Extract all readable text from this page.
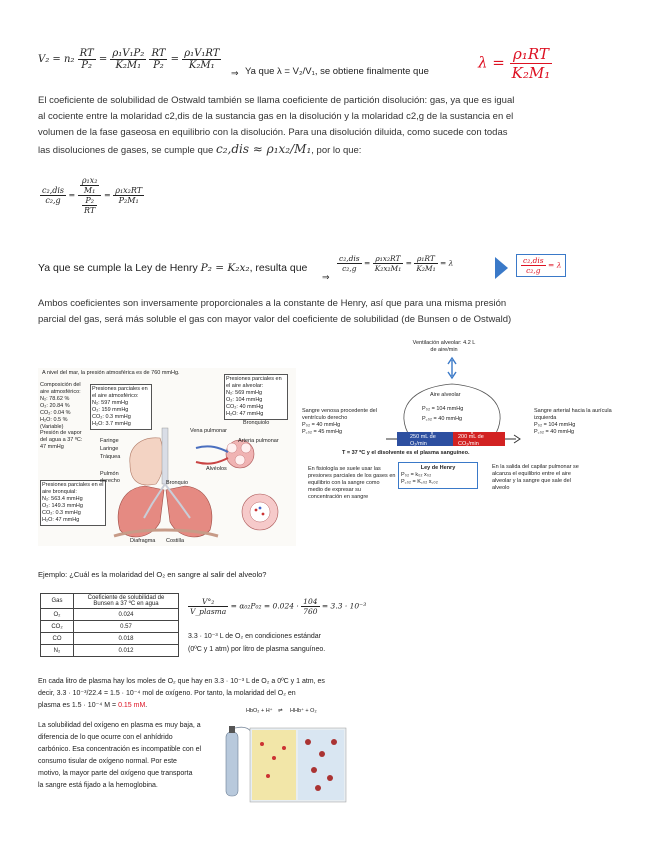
$V_2 = n_2 \frac{RT}{\text{P₂}} = \frac{\text{ρ₁V₁P₂}}{\text{K₂M₁}}$
$\frac{RT}{\text{P₂}} = \frac{\text{ρ₁V₁RT}}{\text{K₂M₁}}$
⇒ Ya que λ = V₂/V₁, se obtiene finalmente que	$\lambda = \frac{\text{ρ₁RT}}{\text{K₂M₁}}$
El coeficiente de solubilidad de Ostwald también se llama coeficiente de partición disolución: gas, ya que es igual
al cociente entre la molaridad c2,dis de la sustancia gas en la disolución y la molaridad c2,g de la sustancia en el
volumen de la fase gaseosa en equilibrio con la disolución. Para una disolución diluida, como sucede con todas
las disoluciones de gases, se cumple que c₂,dis ≈ ρ₁x₂/M₁, por lo que:
$\frac{\text{c₂,dis}}{\text{c₂,g}} = \frac{\frac{\text{ρ₁x₂}}{\text{M₁}}}{\frac{\text{P₂}}{RT}} = \frac{\text{ρ₁x₂RT}}{\text{P₂M₁}}$
Ya que se cumple la Ley de Henry P₂ = K₂x₂, resulta que
⇒
$\frac{\text{c₂,dis}}{\text{c₂,g}} = \frac{\text{ρ₁x₂RT}}{\text{K₂x₂M₁}} = \frac{\text{ρ₁RT}}{\text{K₂M₁}} = \lambda$	$\frac{\text{c₂,dis}}{\text{c₂,g}} = \lambda$
Ambos coeficientes son inversamente proporcionales a la constante de Henry, así que para una misma presión
parcial del gas, será más soluble el gas con mayor valor del coeficiente de solubilidad (de Bunsen o de Ostwald)
A nivel del mar, la presión atmosférica es de 760 mmHg.
Composición del aire atmosférico:
N₂: 78.62 %
O₂: 20.84 %
CO₂: 0.04 %
H₂O: 0.5 %
(Variable)
Presión de vapor del agua a 37 ºC: 47 mmHg
Presiones parciales en el aire atmosférico:
N₂: 597 mmHg
O₂: 159 mmHg
CO₂: 0.3 mmHg
H₂O: 3.7 mmHg
Presiones parciales en el aire alveolar:
N₂: 569 mmHg
O₂: 104 mmHg
CO₂: 40 mmHg
H₂O: 47 mmHg
Presiones parciales en el aire bronquial:
N₂: 563.4 mmHg
O₂: 149.3 mmHg
CO₂: 0.3 mmHg
H₂O: 47 mmHg
Faringe
Laringe
Tráquea
Pulmón derecho	Bronquio
Diafragma Costilla
Alvéolos
Vena pulmonar
Arteria pulmonar
Bronquiolo
Ventilación alveolar: 4.2 L de aire/min
Aire alveolar
P₀₂ = 104 mmHg
P꜀₀₂ = 40 mmHg
250 mL de O₂/min
200 mL de CO₂/min
Sangre venosa procedente del ventrículo derecho
P₀₂ = 40 mmHg
P꜀₀₂ = 45 mmHg
Sangre arterial hacia la aurícula izquierda
P₀₂ = 104 mmHg
P꜀₀₂ = 40 mmHg
T = 37 ºC y el disolvente es el plasma sanguíneo.
En fisiología se suele usar las presiones parciales de los gases en equilibrio con la sangre como medio de expresar su concentración en sangre
Ley de Henry
P₀₂ = k₀₂ x₀₂
P꜀₀₂ = K꜀₀₂ x꜀₀₂
En la salida del capilar pulmonar se alcanza el equilibrio entre el aire alveolar y la sangre que sale del alveolo
Ejemplo: ¿Cuál es la molaridad del O₂ en sangre al salir del alveolo?
Gas	Coeficiente de solubilidad de Bunsen a 37 ºC en agua
O₂	0.024
CO₂	0.57
CO	0.018
N₂	0.012
$\frac{\text{V°₂}}{\text{V\_plasma}} = \alpha_{02}P_{02} = 0.024 \cdot \frac{104}{760} = 3.3 \cdot 10^{-3}$
3.3 · 10⁻³ L de O₂ en condiciones estándar
(0ºC y 1 atm) por litro de plasma sanguíneo.
En cada litro de plasma hay los moles de O₂ que hay en 3.3 · 10⁻³ L de O₂ a 0ºC y 1 atm, es
decir, 3.3 · 10⁻³/22.4 = 1.5 · 10⁻⁴ mol de oxígeno. Por tanto, la molaridad del O₂ en
plasma es 1.5 · 10⁻⁴ M = 0.15 mM.
La solubilidad del oxígeno en plasma es muy baja, a
diferencia de lo que ocurre con el anhídrido
carbónico. Esa concentración es incompatible con el
consumo tisular de oxígeno normal. Por este
motivo, la mayor parte del oxígeno que transporta
la sangre está fijado a la hemoglobina.
HbO₂ + H⁺ ⇌ HHb⁺ + O₂
